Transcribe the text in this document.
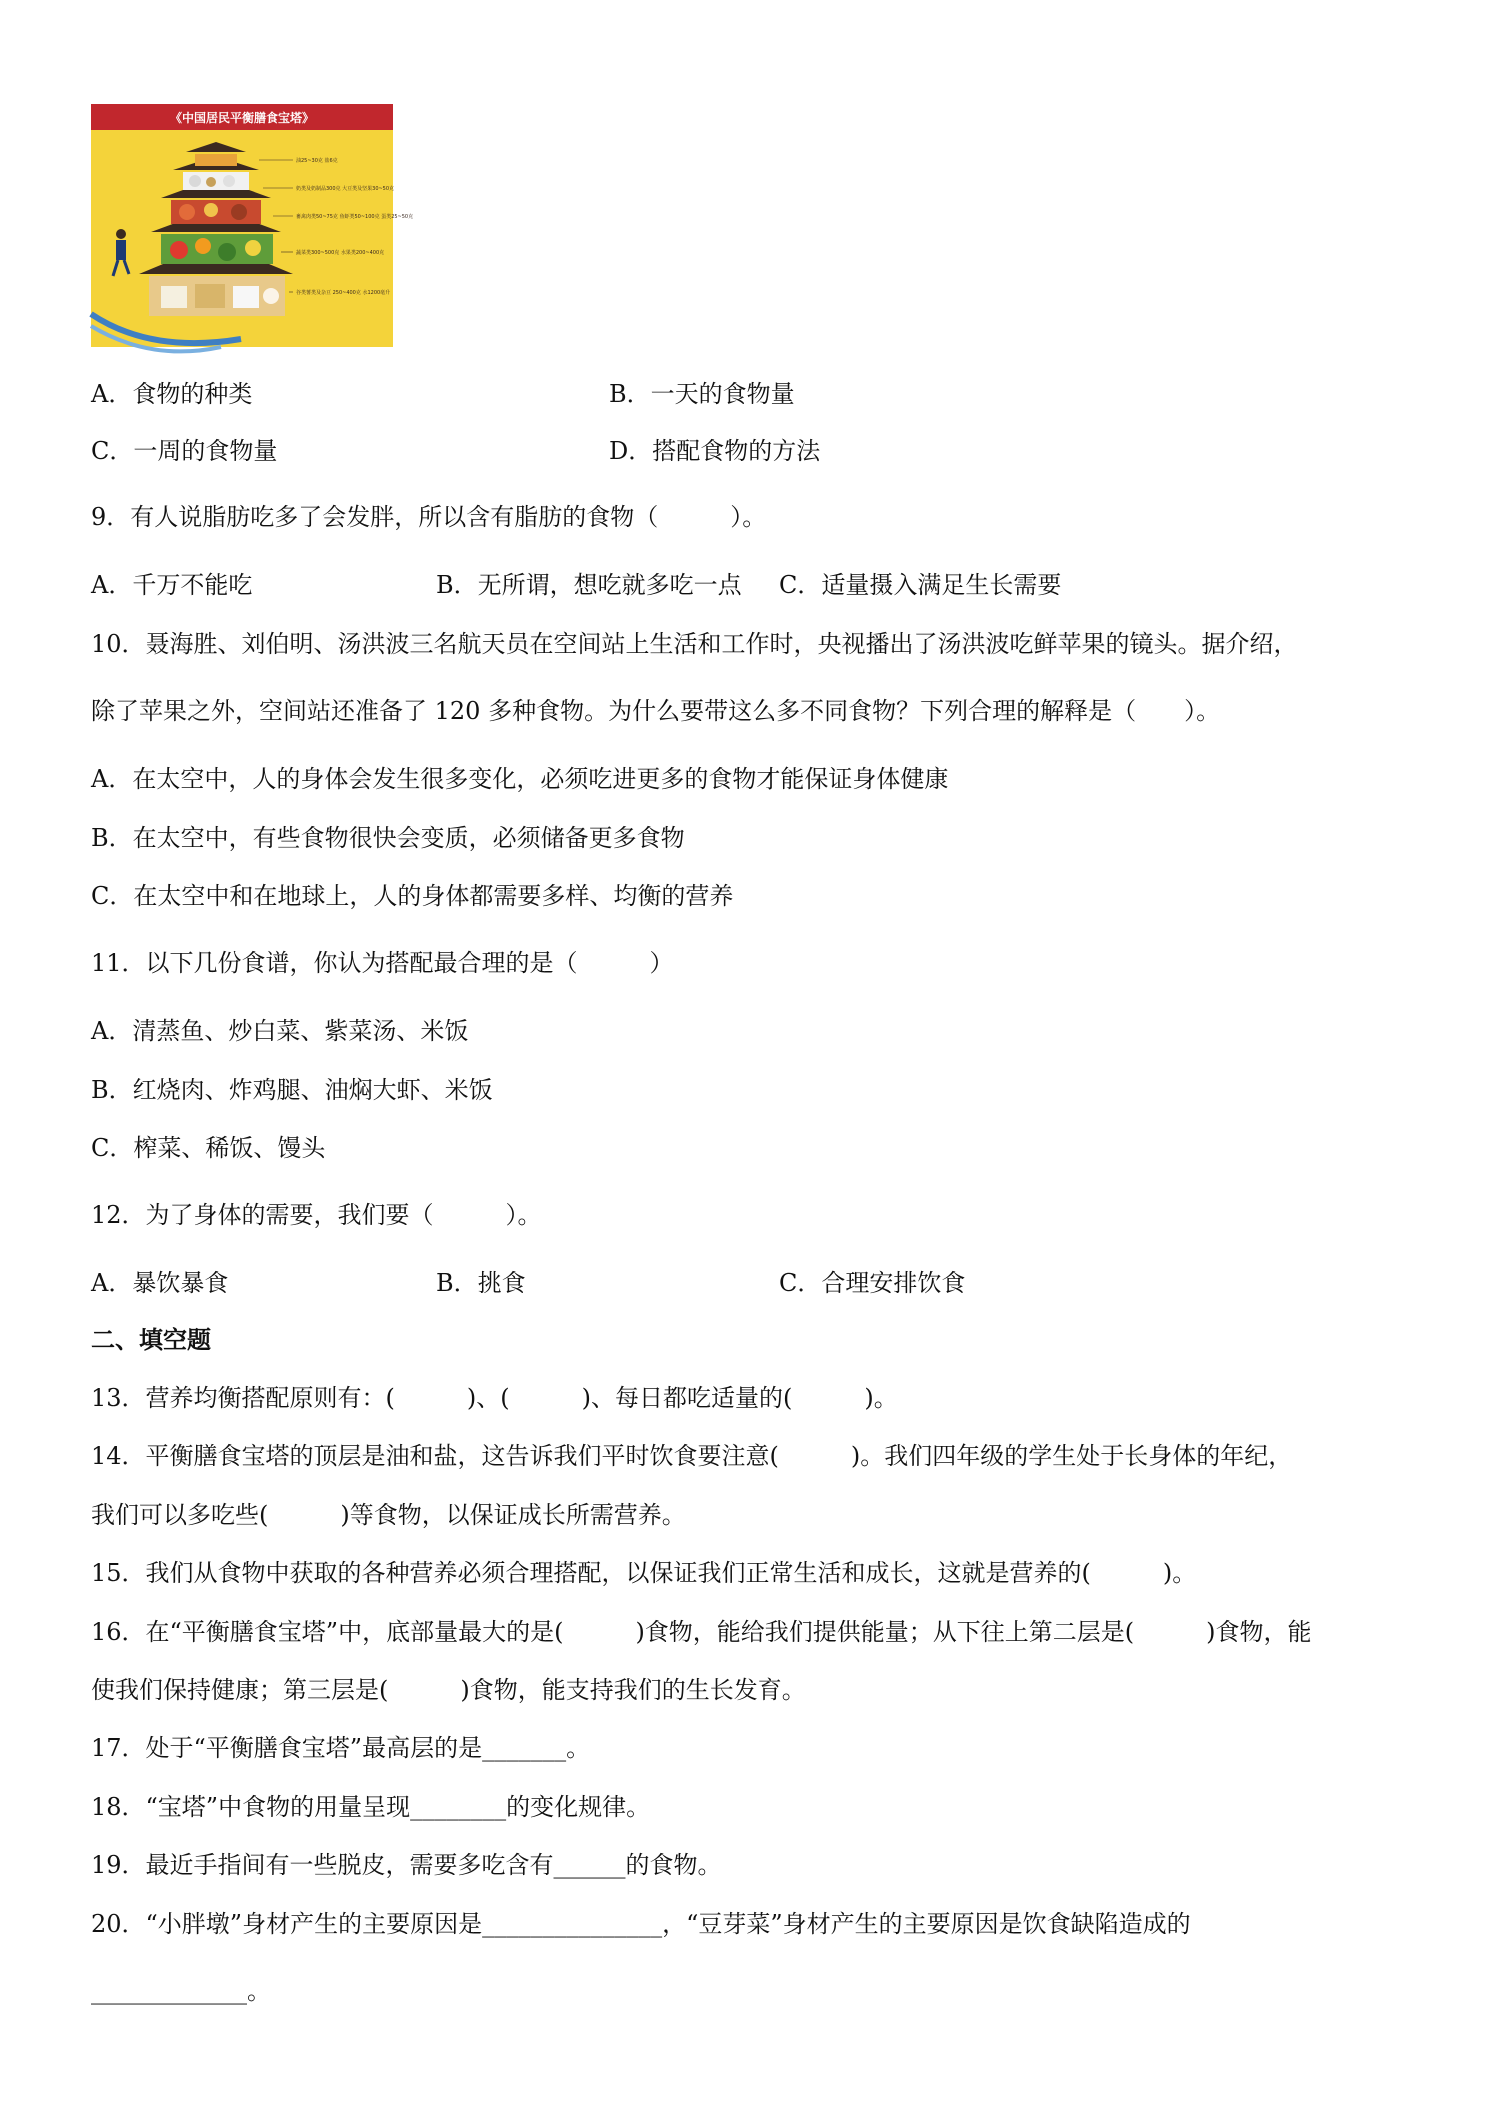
《中国居民平衡膳食宝塔》
油25~30克 盐6克
奶类及奶制品300克 大豆类及坚果30~50克
畜禽肉类50~75克 鱼虾类50~100克 蛋类25~50克
蔬菜类300~500克 水果类200~400克
谷类薯类及杂豆 250~400克 水1200毫升
A．食物的种类	B．一天的食物量
C．一周的食物量	D．搭配食物的方法
9．有人说脂肪吃多了会发胖，所以含有脂肪的食物（　　　）。
A．千万不能吃	B．无所谓，想吃就多吃一点 C．适量摄入满足生长需要
10．聂海胜、刘伯明、汤洪波三名航天员在空间站上生活和工作时，央视播出了汤洪波吃鲜苹果的镜头。据介绍，
除了苹果之外，空间站还准备了 120 多种食物。为什么要带这么多不同食物？下列合理的解释是（　　）。
A．在太空中，人的身体会发生很多变化，必须吃进更多的食物才能保证身体健康
B．在太空中，有些食物很快会变质，必须储备更多食物
C．在太空中和在地球上，人的身体都需要多样、均衡的营养
11．以下几份食谱，你认为搭配最合理的是（　　　）
A．清蒸鱼、炒白菜、紫菜汤、米饭
B．红烧肉、炸鸡腿、油焖大虾、米饭
C．榨菜、稀饭、馒头
12．为了身体的需要，我们要（　　　）。
A．暴饮暴食	B．挑食	C．合理安排饮食
二、填空题
13．营养均衡搭配原则有：(　　　)、(　　　)、每日都吃适量的(　　　)。
14．平衡膳食宝塔的顶层是油和盐，这告诉我们平时饮食要注意(　　　)。我们四年级的学生处于长身体的年纪，
我们可以多吃些(　　　)等食物，以保证成长所需营养。
15．我们从食物中获取的各种营养必须合理搭配，以保证我们正常生活和成长，这就是营养的(　　　)。
16．在“平衡膳食宝塔”中，底部量最大的是(　　　)食物，能给我们提供能量；从下往上第二层是(　　　)食物，能
使我们保持健康；第三层是(　　　)食物，能支持我们的生长发育。
17．处于“平衡膳食宝塔”最高层的是_______。
18．“宝塔”中食物的用量呈现________的变化规律。
19．最近手指间有一些脱皮，需要多吃含有______的食物。
20．“小胖墩”身材产生的主要原因是_______________，“豆芽菜”身材产生的主要原因是饮食缺陷造成的
_____________。
